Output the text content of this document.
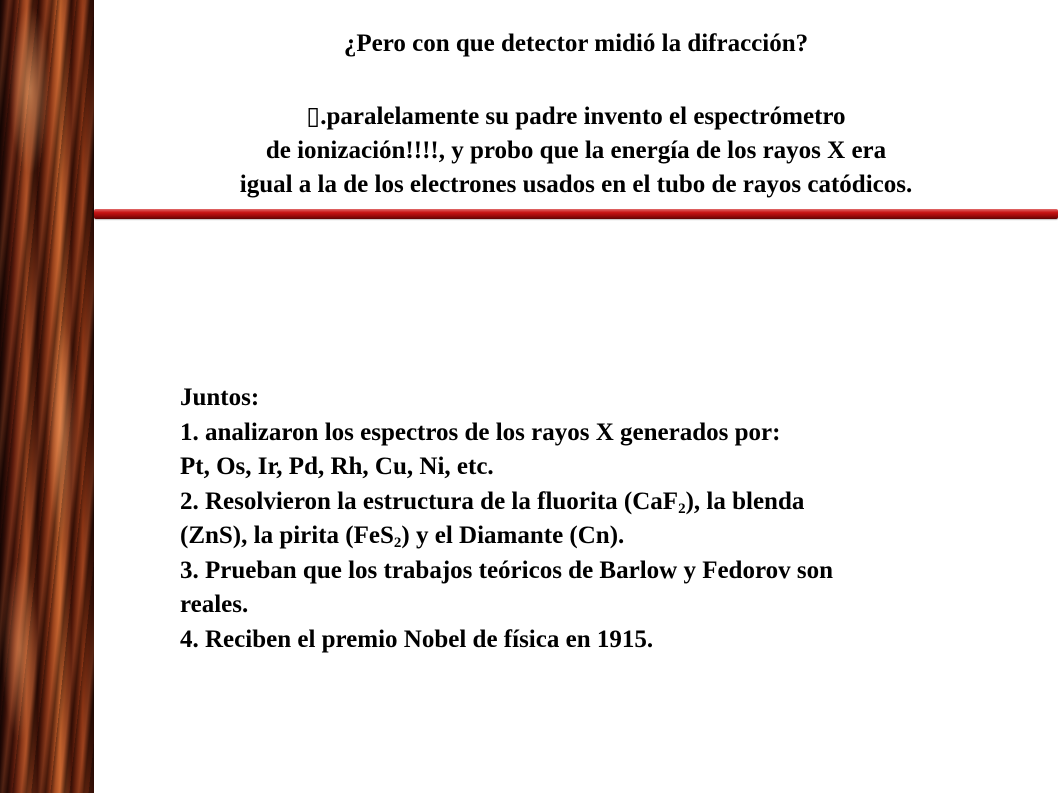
¿Pero con que detector midió la difracción?
▯.paralelamente su padre invento el espectrómetro
de ionización!!!!, y probo que la energía de los rayos X era
igual a la de los electrones usados en el tubo de rayos catódicos.
Juntos:
1. analizaron los espectros de los rayos X generados por:
Pt, Os, Ir, Pd, Rh, Cu, Ni, etc.
2. Resolvieron la estructura de la fluorita (CaF$_2$), la blenda
(ZnS), la pirita (FeS$_2$) y el Diamante (Cn).
3. Prueban que los trabajos teóricos de Barlow y Fedorov son
reales.
4. Reciben el premio Nobel de física en 1915.
